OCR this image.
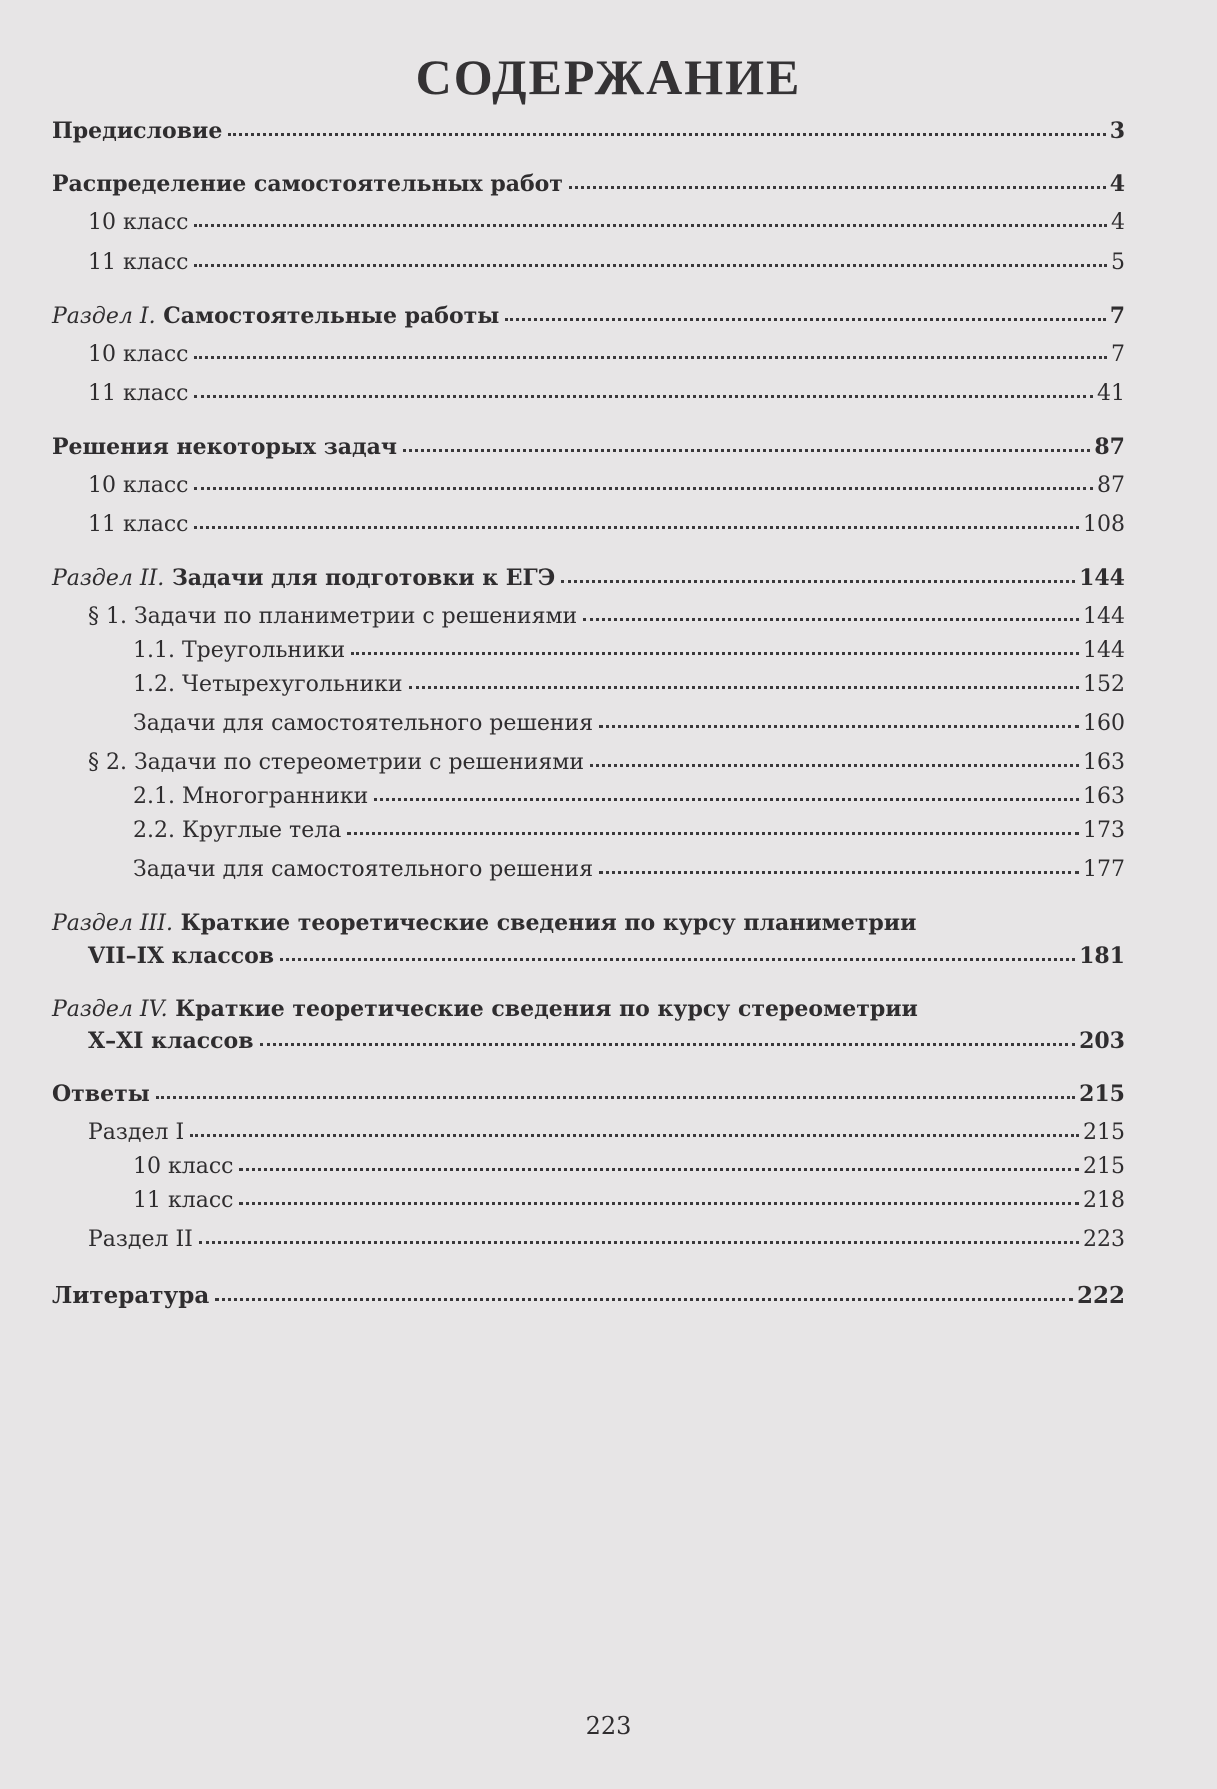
СОДЕРЖАНИЕ
Предисловие	3
Распределение самостоятельных работ	4
10 класс	4
11 класс	5
Раздел I. Самостоятельные работы	7
10 класс	7
11 класс	41
Решения некоторых задач	87
10 класс	87
11 класс	108
Раздел II. Задачи для подготовки к ЕГЭ	144
§ 1. Задачи по планиметрии с решениями	144
1.1. Треугольники	144
1.2. Четырехугольники	152
Задачи для самостоятельного решения	160
§ 2. Задачи по стереометрии с решениями	163
2.1. Многогранники	163
2.2. Круглые тела	173
Задачи для самостоятельного решения	177
Раздел III. Краткие теоретические сведения по курсу планиметрии
VII–IX классов	181
Раздел IV. Краткие теоретические сведения по курсу стереометрии
X–XI классов	203
Ответы	215
Раздел I	215
10 класс	215
11 класс	218
Раздел II	223
Литература	222
223
